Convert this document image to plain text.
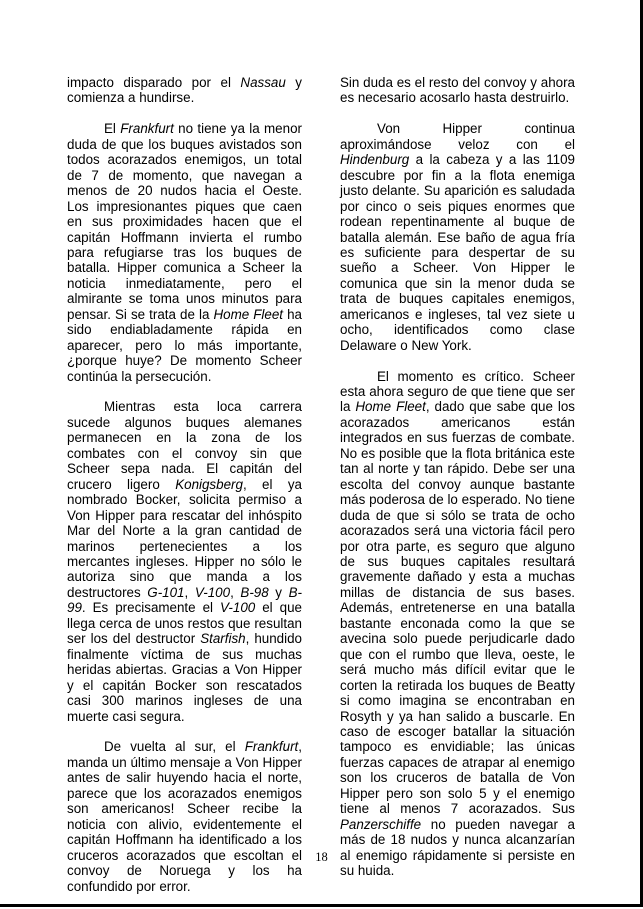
impacto disparado por el Nassau y comienza a hundirse.

El Frankfurt no tiene ya la menor duda de que los buques avistados son todos acorazados enemigos, un total de 7 de momento, que navegan a menos de 20 nudos hacia el Oeste. Los impresionantes piques que caen en sus proximidades hacen que el capitán Hoffmann invierta el rumbo para refugiarse tras los buques de batalla. Hipper comunica a Scheer la noticia inmediatamente, pero el almirante se toma unos minutos para pensar. Si se trata de la Home Fleet ha sido endiabladamente rápida en aparecer, pero lo más importante, ¿porque huye? De momento Scheer continúa la persecución.

Mientras esta loca carrera sucede algunos buques alemanes permanecen en la zona de los combates con el convoy sin que Scheer sepa nada. El capitán del crucero ligero Konigsberg, el ya nombrado Bocker, solicita permiso a Von Hipper para rescatar del inhóspito Mar del Norte a la gran cantidad de marinos pertenecientes a los mercantes ingleses. Hipper no sólo le autoriza sino que manda a los destructores G-101, V-100, B-98 y B-99. Es precisamente el V-100 el que llega cerca de unos restos que resultan ser los del destructor Starfish, hundido finalmente víctima de sus muchas heridas abiertas. Gracias a Von Hipper y el capitán Bocker son rescatados casi 300 marinos ingleses de una muerte casi segura.

De vuelta al sur, el Frankfurt, manda un último mensaje a Von Hipper antes de salir huyendo hacia el norte, parece que los acorazados enemigos son americanos! Scheer recibe la noticia con alivio, evidentemente el capitán Hoffmann ha identificado a los cruceros acorazados que escoltan el convoy de Noruega y los ha confundido por error.

Sin duda es el resto del convoy y ahora es necesario acosarlo hasta destruirlo.

Von Hipper continua aproximándose veloz con el Hindenburg a la cabeza y a las 1109 descubre por fin a la flota enemiga justo delante. Su aparición es saludada por cinco o seis piques enormes que rodean repentinamente al buque de batalla alemán. Ese baño de agua fría es suficiente para despertar de su sueño a Scheer. Von Hipper le comunica que sin la menor duda se trata de buques capitales enemigos, americanos e ingleses, tal vez siete u ocho, identificados como clase Delaware o New York.

El momento es crítico. Scheer esta ahora seguro de que tiene que ser la Home Fleet, dado que sabe que los acorazados americanos están integrados en sus fuerzas de combate. No es posible que la flota británica este tan al norte y tan rápido. Debe ser una escolta del convoy aunque bastante más poderosa de lo esperado. No tiene duda de que si sólo se trata de ocho acorazados será una victoria fácil pero por otra parte, es seguro que alguno de sus buques capitales resultará gravemente dañado y esta a muchas millas de distancia de sus bases. Además, entretenerse en una batalla bastante enconada como la que se avecina solo puede perjudicarle dado que con el rumbo que lleva, oeste, le será mucho más difícil evitar que le corten la retirada los buques de Beatty si como imagina se encontraban en Rosyth y ya han salido a buscarle. En caso de escoger batallar la situación tampoco es envidiable; las únicas fuerzas capaces de atrapar al enemigo son los cruceros de batalla de Von Hipper pero son solo 5 y el enemigo tiene al menos 7 acorazados. Sus Panzerschiffe no pueden navegar a más de 18 nudos y nunca alcanzarían al enemigo rápidamente si persiste en su huida.

18
